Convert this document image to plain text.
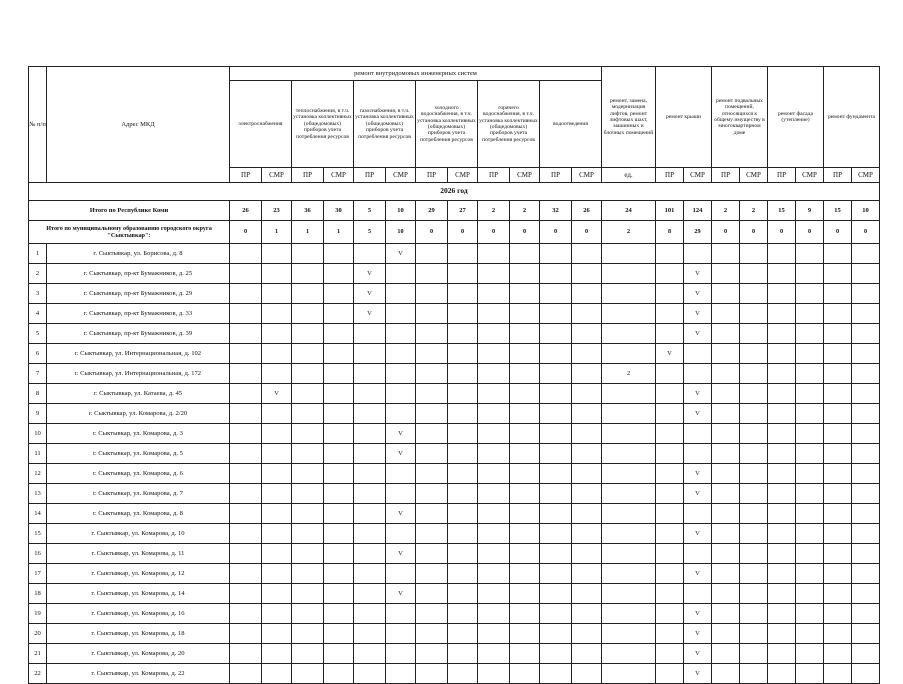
№ п/п	Адрес МКД	ремонт внутридомовых инженерных систем												ремонт, замена, модернизация лифтов, ремонт лифтовых шахт, машинных и блочных помещений	ремонт крыши		ремонт подвальных помещений, относящихся к общему имуществу в многоквартирном доме		ремонт фасада (утепление)		ремонт фундамента	

		электроснабжения		теплоснабжения, в т.ч. установка коллективных (общедомовых) приборов учета потребления ресурсов		газоснабжения, в т.ч. установка коллективных (общедомовых) приборов учета потребления ресурсов		холодного водоснабжения, в т.ч. установка коллективных (общедомовых) приборов учета потребления ресурсов		горячего водоснабжения, в т.ч. установка коллективных (общедомовых) приборов учета потребления ресурсов		водоотведения										

		ПР	СМР	ПР	СМР	ПР	СМР	ПР	СМР	ПР	СМР	ПР	СМР	ед.	ПР	СМР	ПР	СМР	ПР	СМР	ПР	СМР
2026 год																						
Итого по Республике Коми		26	23	36	30	5	10	29	27	2	2	32	26	24	101	124	2	2	15	9	15	10
Итого по муниципальному образованию городского округа "Сыктывкар":		0	1	1	1	5	10	0	0	0	0	0	0	2	8	29	0	0	0	0	0	0
1	г. Сыктывкар, ул. Борисова, д. 8						V															
2	г. Сыктывкар, пр-кт Бумажников, д. 25					V										V						
3	г. Сыктывкар, пр-кт Бумажников, д. 29					V										V						
4	г. Сыктывкар, пр-кт Бумажников, д. 33					V										V						
5	г. Сыктывкар, пр-кт Бумажников, д. 39															V						
6	г. Сыктывкар, ул. Интернациональная, д. 102														V							
7	г. Сыктывкар, ул. Интернациональная, д. 172													2								
8	г. Сыктывкар, ул. Катаева, д. 45		V													V						
9	г. Сыктывкар, ул. Комарова, д. 2/20															V						
10	г. Сыктывкар, ул. Комарова, д. 3						V															
11	г. Сыктывкар, ул. Комарова, д. 5						V															
12	г. Сыктывкар, ул. Комарова, д. 6															V						
13	г. Сыктывкар, ул. Комарова, д. 7															V						
14	г. Сыктывкар, ул. Комарова, д. 8						V															
15	г. Сыктывкар, ул. Комарова, д. 10															V						
16	г. Сыктывкар, ул. Комарова, д. 11						V															
17	г. Сыктывкар, ул. Комарова, д. 12															V						
18	г. Сыктывкар, ул. Комарова, д. 14						V															
19	г. Сыктывкар, ул. Комарова, д. 16															V						
20	г. Сыктывкар, ул. Комарова, д. 18															V						
21	г. Сыктывкар, ул. Комарова, д. 20															V						
22	г. Сыктывкар, ул. Комарова, д. 22															V						
